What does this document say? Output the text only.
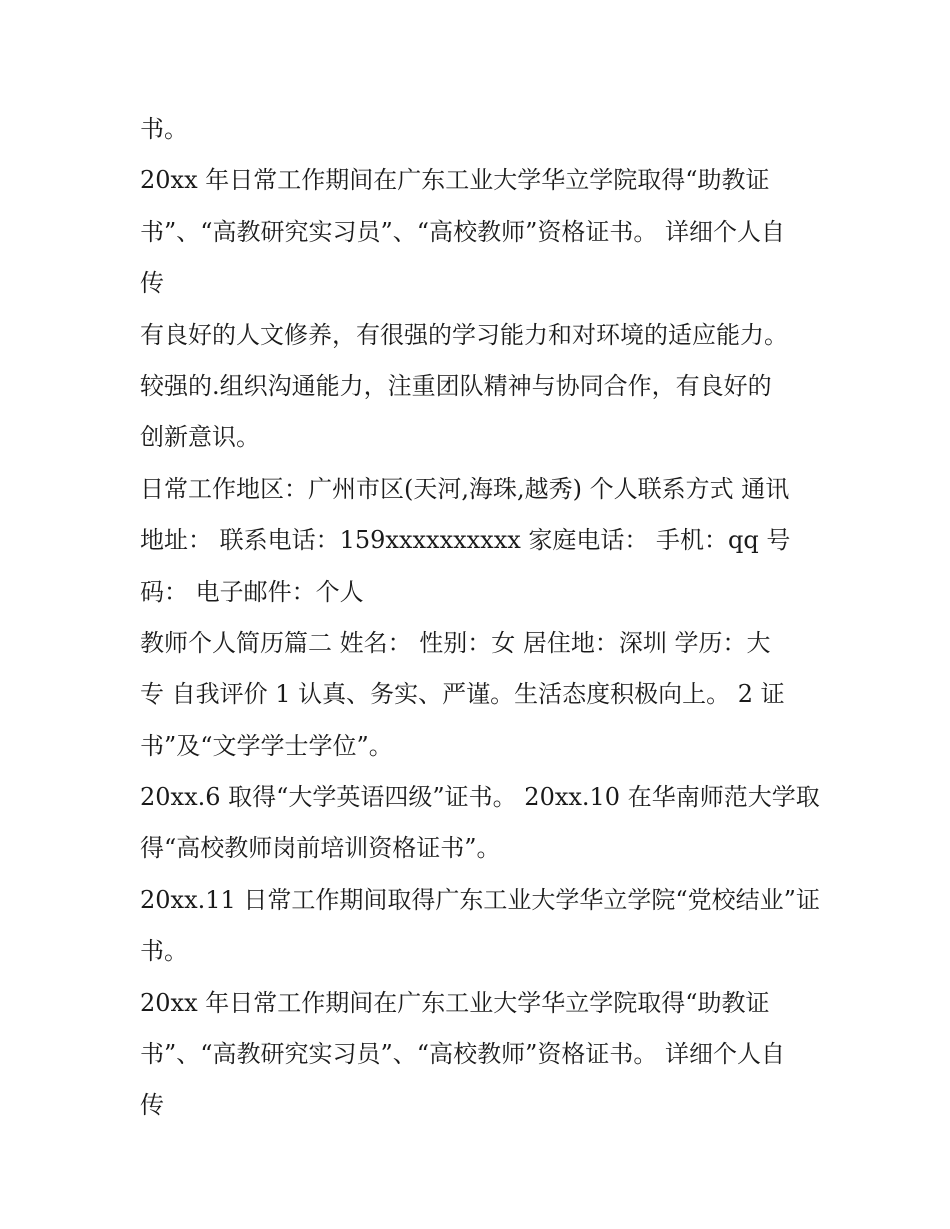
书。
20xx 年日常工作期间在广东工业大学华立学院取得“助教证
书”、“高教研究实习员”、“高校教师”资格证书。 详细个人自
传
有良好的人文修养，有很强的学习能力和对环境的适应能力。
较强的.组织沟通能力，注重团队精神与协同合作，有良好的
创新意识。
日常工作地区：广州市区(天河,海珠,越秀) 个人联系方式 通讯
地址： 联系电话：159xxxxxxxxxx 家庭电话： 手机：qq 号
码： 电子邮件：个人
教师个人简历篇二 姓名： 性别：女 居住地：深圳 学历：大
专 自我评价 1 认真、务实、严谨。生活态度积极向上。 2 证
书”及“文学学士学位”。
20xx.6 取得“大学英语四级”证书。 20xx.10 在华南师范大学取
得“高校教师岗前培训资格证书”。
20xx.11 日常工作期间取得广东工业大学华立学院“党校结业”证
书。
20xx 年日常工作期间在广东工业大学华立学院取得“助教证
书”、“高教研究实习员”、“高校教师”资格证书。 详细个人自
传
